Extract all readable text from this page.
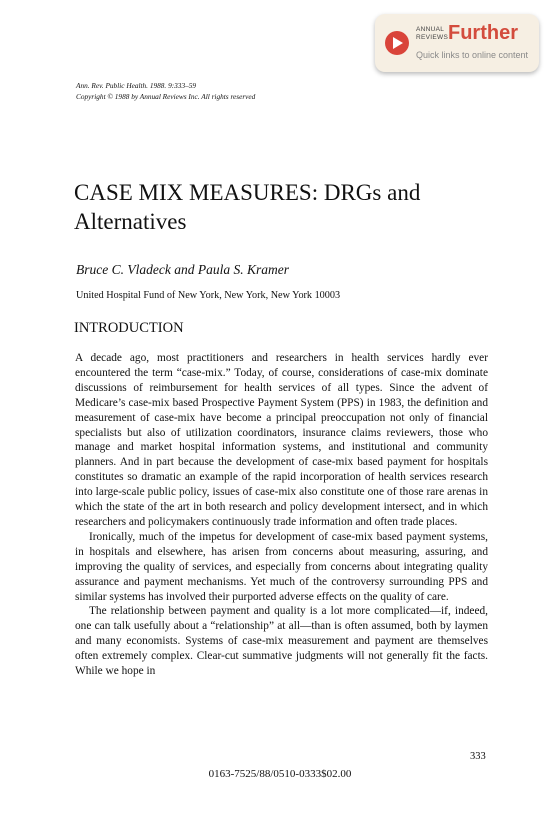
ANNUAL
REVIEWS Further
Quick links to online content
Ann. Rev. Public Health. 1988. 9:333–59
Copyright © 1988 by Annual Reviews Inc. All rights reserved
CASE MIX MEASURES: DRGs and
Alternatives
Bruce C. Vladeck and Paula S. Kramer
United Hospital Fund of New York, New York, New York 10003
INTRODUCTION

A decade ago, most practitioners and researchers in health services hardly ever encountered the term “case-mix.” Today, of course, considerations of case-mix dominate discussions of reimbursement for health services of all types. Since the advent of Medicare’s case-mix based Prospective Payment System (PPS) in 1983, the definition and measurement of case-mix have become a principal preoccupation not only of financial specialists but also of utilization coordinators, insurance claims reviewers, those who manage and market hospital information systems, and institutional and community planners. And in part because the development of case-mix based payment for hospitals constitutes so dramatic an example of the rapid incorporation of health services research into large-scale public policy, issues of case-mix also constitute one of those rare arenas in which the state of the art in both research and policy development intersect, and in which researchers and policymakers continuously trade information and often trade places.

Ironically, much of the impetus for development of case-mix based payment systems, in hospitals and elsewhere, has arisen from concerns about measuring, assuring, and improving the quality of services, and especially from concerns about integrating quality assurance and payment mechanisms. Yet much of the controversy surrounding PPS and similar systems has involved their purported adverse effects on the quality of care.

The relationship between payment and quality is a lot more complicated—if, indeed, one can talk usefully about a “relationship” at all—than is often assumed, both by laymen and many economists. Systems of case-mix measurement and payment are themselves often extremely complex. Clear-cut summative judgments will not generally fit the facts. While we hope in

333
0163-7525/88/0510-0333$02.00
